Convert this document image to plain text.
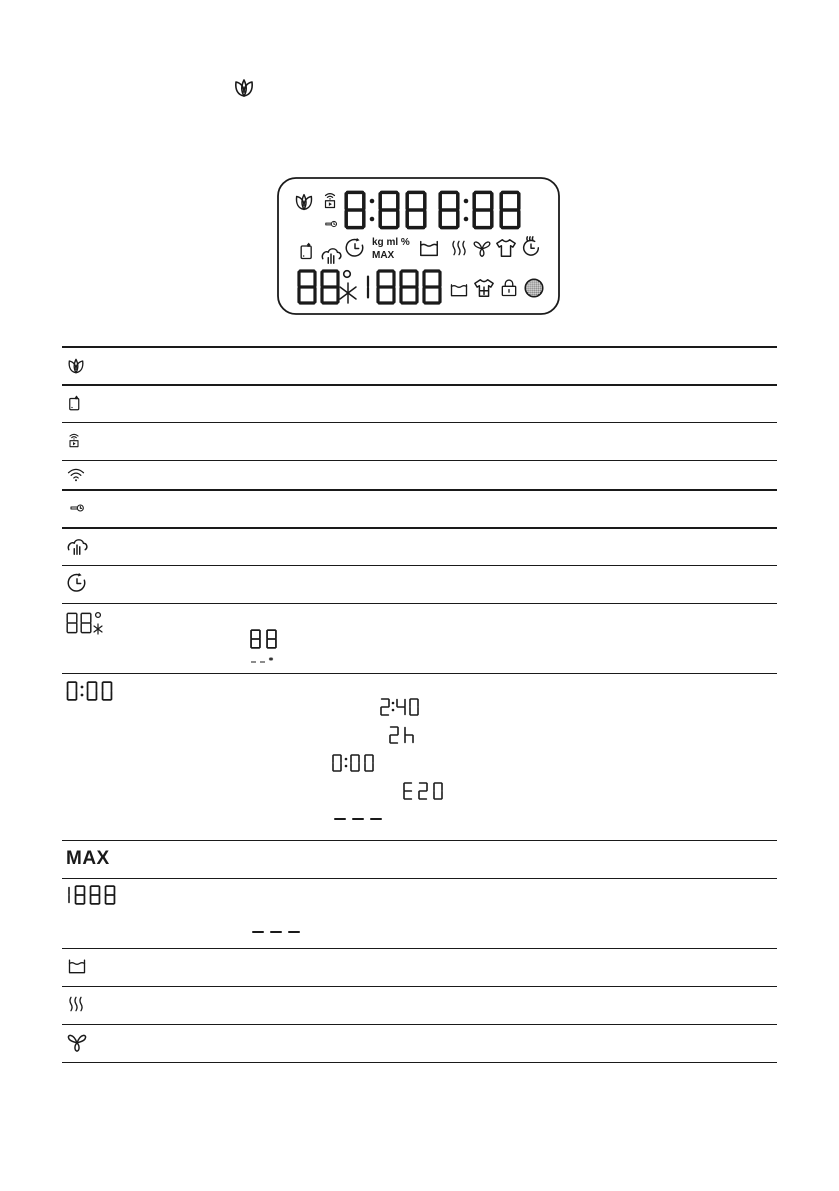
kg ml %
MAX
MAX
